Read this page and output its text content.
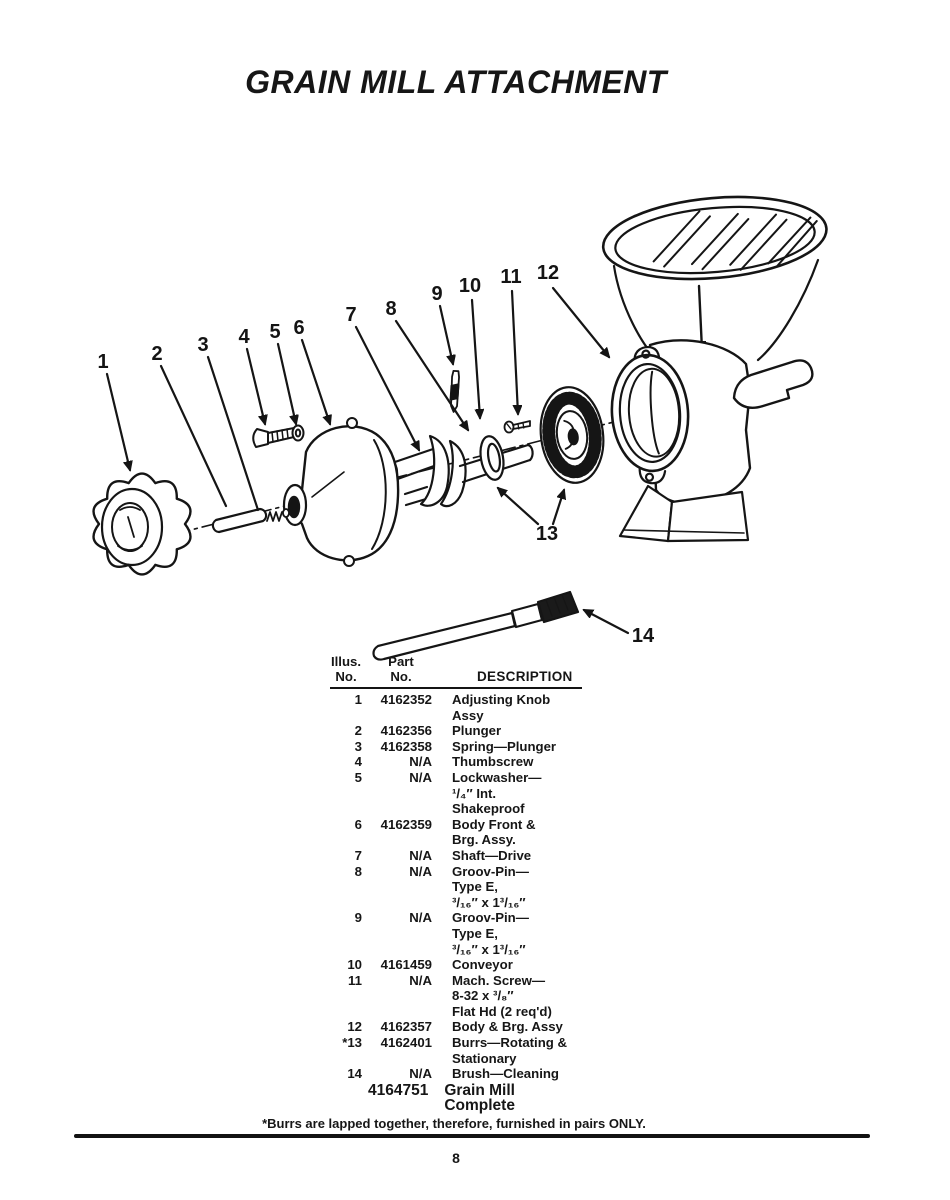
GRAIN MILL ATTACHMENT
1 2 3 4 5 6
7 8
9 10 11 12
13
14
Illus.
No.
Part
No.	DESCRIPTION
1	4162352 Adjusting Knob
Assy
2	4162356 Plunger
3	4162358 Spring—Plunger
4	N/A Thumbscrew
5	N/A Lockwasher—
¹/₄″ Int.
Shakeproof
6	4162359 Body Front &
Brg. Assy.
7	N/A Shaft—Drive
8	N/A Groov-Pin—
Type E,
³/₁₆″ x 1³/₁₆″
9	N/A Groov-Pin—
Type E,
³/₁₆″ x 1³/₁₆″
10	4161459 Conveyor
11	N/A Mach. Screw—
8-32 x ³/₈″
Flat Hd (2 req'd)
12	4162357 Body & Brg. Assy
*13	4162401 Burrs—Rotating &
Stationary
14	N/A Brush—Cleaning
4164751 Grain Mill Complete
*Burrs are lapped together, therefore, furnished in pairs ONLY.
8
